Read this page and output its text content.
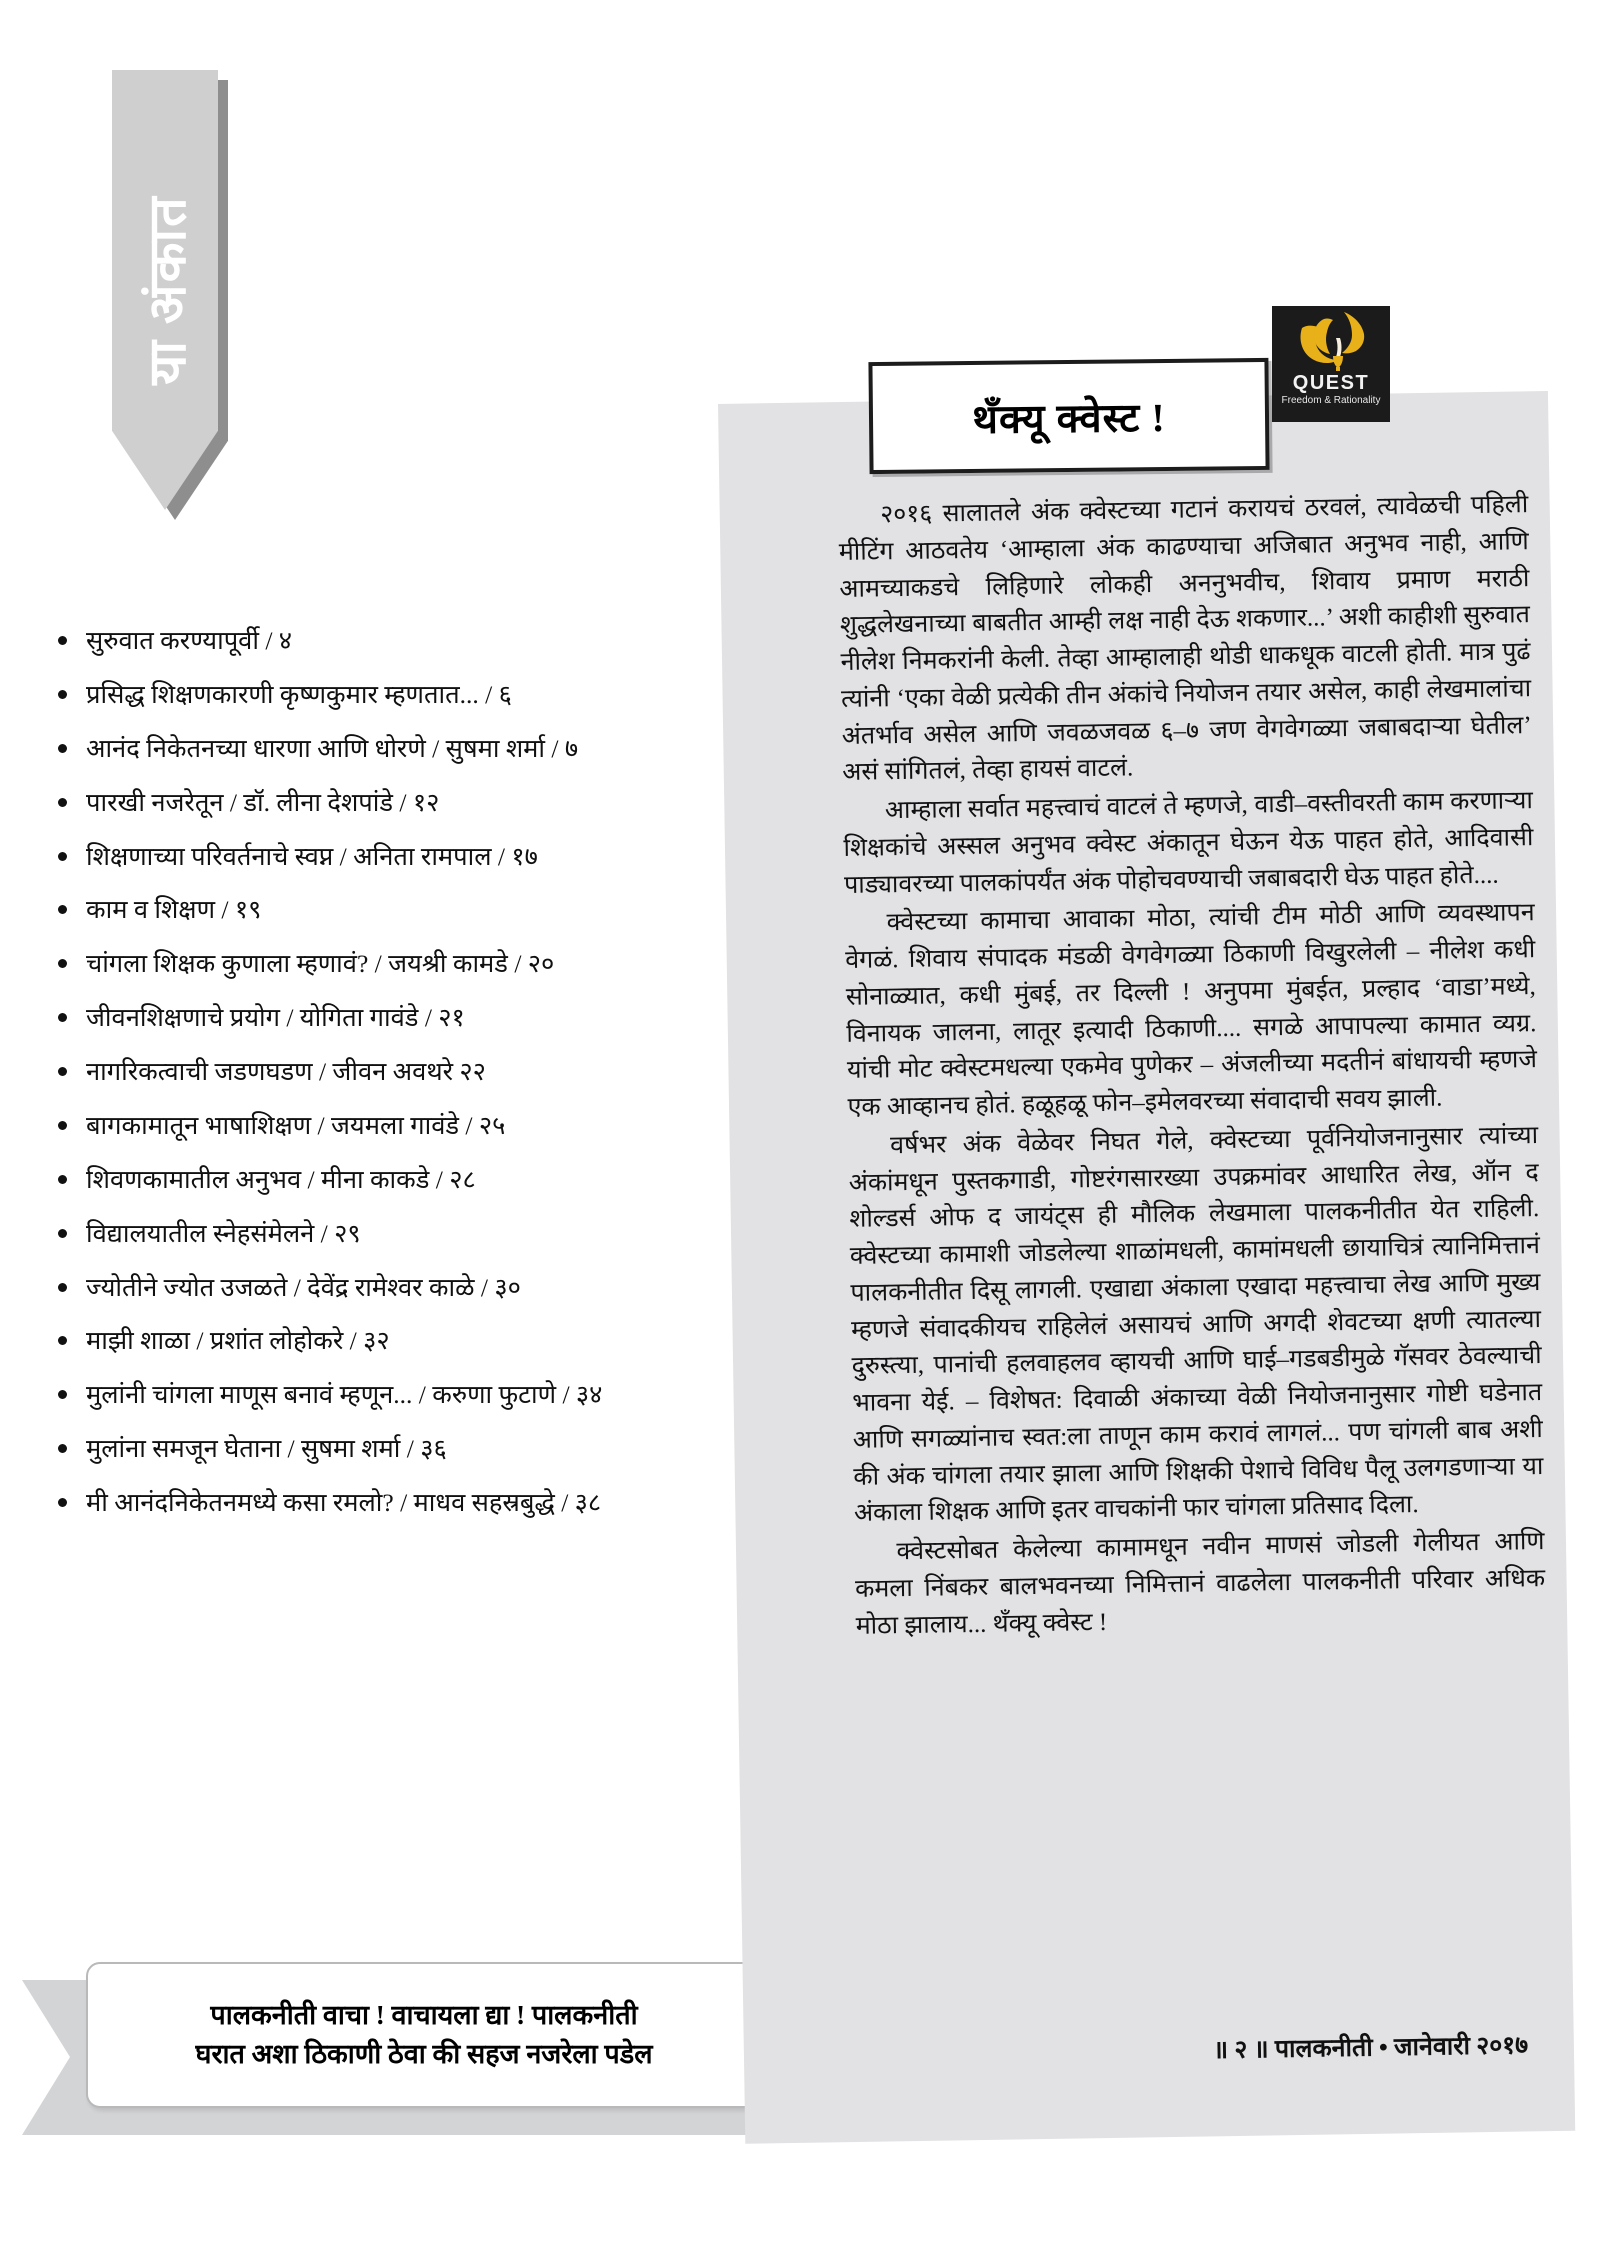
या अंकात
सुरुवात करण्यापूर्वी / ४
प्रसिद्ध शिक्षणकारणी कृष्णकुमार म्हणतात... / ६
आनंद निकेतनच्या धारणा आणि धोरणे / सुषमा शर्मा / ७
पारखी नजरेतून / डॉ. लीना देशपांडे / १२
शिक्षणाच्या परिवर्तनाचे स्वप्न / अनिता रामपाल / १७
काम व शिक्षण / १९
चांगला शिक्षक कुणाला म्हणावं? / जयश्री कामडे / २०
जीवनशिक्षणाचे प्रयोग / योगिता गावंडे / २१
नागरिकत्वाची जडणघडण / जीवन अवथरे २२
बागकामातून भाषाशिक्षण / जयमला गावंडे / २५
शिवणकामातील अनुभव / मीना काकडे / २८
विद्यालयातील स्नेहसंमेलने / २९
ज्योतीने ज्योत उजळते / देवेंद्र रामेश्वर काळे / ३०
माझी शाळा / प्रशांत लोहोकरे / ३२
मुलांनी चांगला माणूस बनावं म्हणून... / करुणा फुटाणे / ३४
मुलांना समजून घेताना / सुषमा शर्मा / ३६
मी आनंदनिकेतनमध्ये कसा रमलो? / माधव सहस्रबुद्धे / ३८
पालकनीती वाचा ! वाचायला द्या ! पालकनीती
घरात अशा ठिकाणी ठेवा की सहज नजरेला पडेल
थँक्यू क्वेस्ट !
QUEST
Freedom & Rationality

२०१६ सालातले अंक क्वेस्टच्या गटानं करायचं ठरवलं, त्यावेळची पहिली मीटिंग आठवतेय ‘आम्हाला अंक काढण्याचा अजिबात अनुभव नाही, आणि आमच्याकडचे लिहिणारे लोकही अननुभवीच, शिवाय प्रमाण मराठी शुद्धलेखनाच्या बाबतीत आम्ही लक्ष नाही देऊ शकणार...’ अशी काहीशी सुरुवात नीलेश निमकरांनी केली. तेव्हा आम्हालाही थोडी धाकधूक वाटली होती. मात्र पुढं त्यांनी ‘एका वेळी प्रत्येकी तीन अंकांचे नियोजन तयार असेल, काही लेखमालांचा अंतर्भाव असेल आणि जवळजवळ ६–७ जण वेगवेगळ्या जबाबदाऱ्या घेतील’ असं सांगितलं, तेव्हा हायसं वाटलं.

आम्हाला सर्वात महत्त्वाचं वाटलं ते म्हणजे, वाडी–वस्तीवरती काम करणाऱ्या शिक्षकांचे अस्सल अनुभव क्वेस्ट अंकातून घेऊन येऊ पाहत होते, आदिवासी पाड्यावरच्या पालकांपर्यंत अंक पोहोचवण्याची जबाबदारी घेऊ पाहत होते....

क्वेस्टच्या कामाचा आवाका मोठा, त्यांची टीम मोठी आणि व्यवस्थापन वेगळं. शिवाय संपादक मंडळी वेगवेगळ्या ठिकाणी विखुरलेली – नीलेश कधी सोनाळ्यात, कधी मुंबई, तर दिल्ली ! अनुपमा मुंबईत, प्रल्हाद ‘वाडा’मध्ये, विनायक जालना, लातूर इत्यादी ठिकाणी.... सगळे आपापल्या कामात व्यग्र. यांची मोट क्वेस्टमधल्या एकमेव पुणेकर – अंजलीच्या मदतीनं बांधायची म्हणजे एक आव्हानच होतं. हळूहळू फोन–इमेलवरच्या संवादाची सवय झाली.

वर्षभर अंक वेळेवर निघत गेले, क्वेस्टच्या पूर्वनियोजनानुसार त्यांच्या अंकांमधून पुस्तकगाडी, गोष्टरंगसारख्या उपक्रमांवर आधारित लेख, ऑन द शोल्डर्स ओफ द जायंट्स ही मौलिक लेखमाला पालकनीतीत येत राहिली. क्वेस्टच्या कामाशी जोडलेल्या शाळांमधली, कामांमधली छायाचित्रं त्यानिमित्तानं पालकनीतीत दिसू लागली. एखाद्या अंकाला एखादा महत्त्वाचा लेख आणि मुख्य म्हणजे संवादकीयच राहिलेलं असायचं आणि अगदी शेवटच्या क्षणी त्यातल्या दुरुस्त्या, पानांची हलवाहलव व्हायची आणि घाई–गडबडीमुळे गॅसवर ठेवल्याची भावना येई. – विशेषत: दिवाळी अंकाच्या वेळी नियोजनानुसार गोष्टी घडेनात आणि सगळ्यांनाच स्वत:ला ताणून काम करावं लागलं... पण चांगली बाब अशी की अंक चांगला तयार झाला आणि शिक्षकी पेशाचे विविध पैलू उलगडणाऱ्या या अंकाला शिक्षक आणि इतर वाचकांनी फार चांगला प्रतिसाद दिला.

क्वेस्टसोबत केलेल्या कामामधून नवीन माणसं जोडली गेलीयत आणि कमला निंबकर बालभवनच्या निमित्तानं वाढलेला पालकनीती परिवार अधिक मोठा झालाय... थँक्यू क्वेस्ट !

॥ २ ॥ पालकनीती • जानेवारी २०१७
